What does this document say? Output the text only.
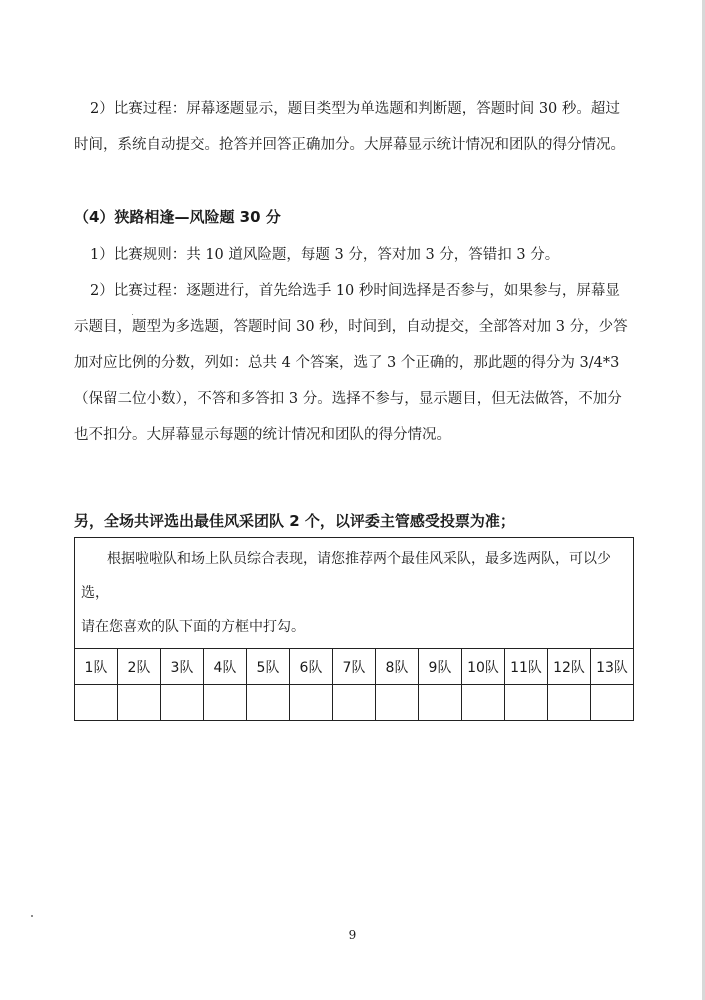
2）比赛过程：屏幕逐题显示，题目类型为单选题和判断题，答题时间 30 秒。超过时间，系统自动提交。抢答并回答正确加分。大屏幕显示统计情况和团队的得分情况。

（4）狭路相逢—风险题 30 分

1）比赛规则：共 10 道风险题，每题 3 分，答对加 3 分，答错扣 3 分。

2）比赛过程：逐题进行，首先给选手 10 秒时间选择是否参与，如果参与，屏幕显示题目，题型为多选题，答题时间 30 秒，时间到，自动提交，全部答对加 3 分，少答加对应比例的分数，列如：总共 4 个答案，选了 3 个正确的，那此题的得分为 3/4*3（保留二位小数），不答和多答扣 3 分。选择不参与，显示题目，但无法做答，不加分也不扣分。大屏幕显示每题的统计情况和团队的得分情况。

另，全场共评选出最佳风采团队 2 个，以评委主管感受投票为准；

根据啦啦队和场上队员综合表现，请您推荐两个最佳风采队，最多选两队，可以少选，
请在您喜欢的队下面的方框中打勾。												
1队	2队	3队	4队	5队	6队	7队	8队	9队	10队	11队	12队	13队

9
